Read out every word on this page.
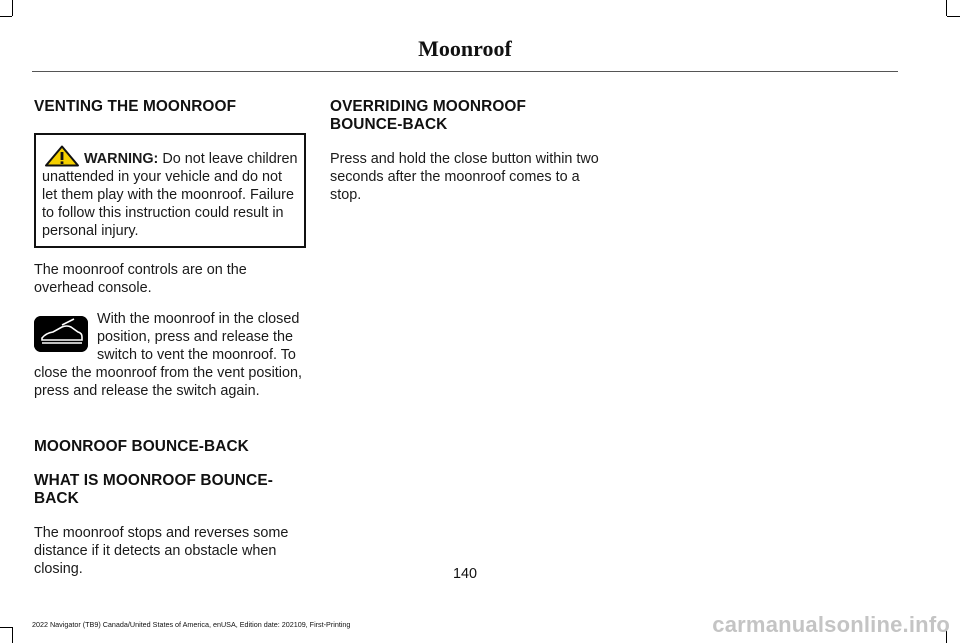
Moonroof
VENTING THE MOONROOF
WARNING: Do not leave children unattended in your vehicle and do not let them play with the moonroof. Failure to follow this instruction could result in personal injury.

The moonroof controls are on the overhead console.

With the moonroof in the closed position, press and release the switch to vent the moonroof. To close the moonroof from the vent position, press and release the switch again.

MOONROOF BOUNCE-BACK
WHAT IS MOONROOF BOUNCE-BACK

The moonroof stops and reverses some distance if it detects an obstacle when closing.

OVERRIDING MOONROOF BOUNCE-BACK

Press and hold the close button within two seconds after the moonroof comes to a stop.

140
2022 Navigator (TB9) Canada/United States of America, enUSA, Edition date: 202109, First-Printing	carmanualsonline.info
